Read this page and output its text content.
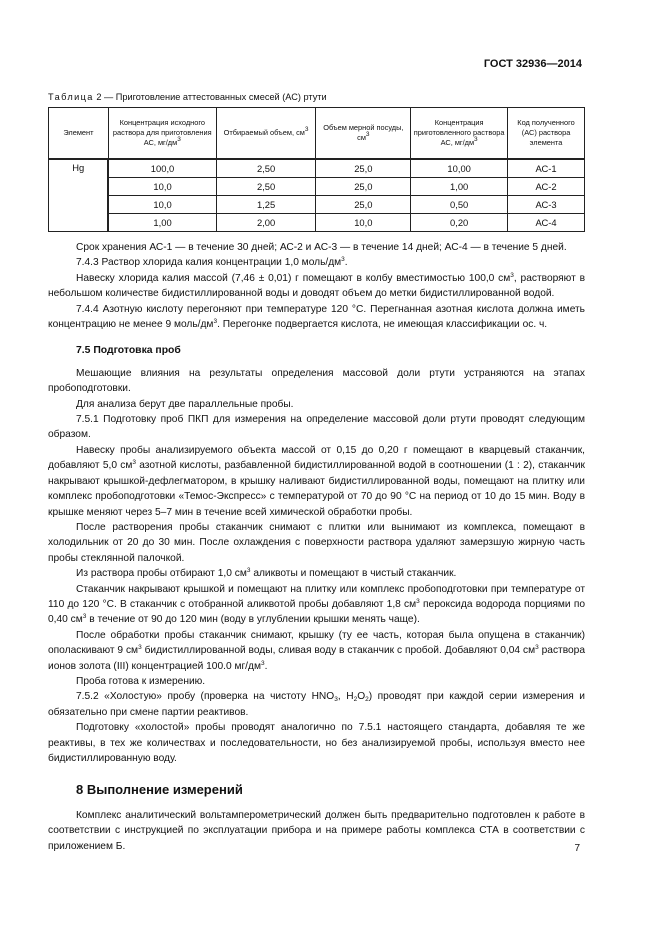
ГОСТ 32936—2014
Таблица 2 — Приготовление аттестованных смесей (АС) ртути
Элемент	Концентрация исходного раствора для приготовления АС, $мг/дм^3$	Отбираемый объем, $см^3$	Объем мерной посуды, $см^3$	Концентрация приготовленного раствора АС, $мг/дм^3$	Код полученного (АС) раствора элемента
Hg	100,0	2,50	25,0	10,00	АС-1
	10,0	2,50	25,0	1,00	АС-2
	10,0	1,25	25,0	0,50	АС-3
	1,00	2,00	10,0	0,20	АС-4

Срок хранения АС-1 — в течение 30 дней; АС-2 и АС-3 — в течение 14 дней; АС-4 — в течение 5 дней.

7.4.3 Раствор хлорида калия концентрации 1,0 моль/$дм^3$.

Навеску хлорида калия массой (7,46 ± 0,01) г помещают в колбу вместимостью 100,0 $см^3$, растворяют в небольшом количестве бидистиллированной воды и доводят объем до метки бидистиллированной водой.

7.4.4 Азотную кислоту перегоняют при температуре 120 °С. Перегнанная азотная кислота должна иметь концентрацию не менее 9 моль/$дм^3$. Перегонке подвергается кислота, не имеющая классификации ос. ч.

7.5 Подготовка проб

Мешающие влияния на результаты определения массовой доли ртути устраняются на этапах пробоподготовки.

Для анализа берут две параллельные пробы.

7.5.1 Подготовку проб ПКП для измерения на определение массовой доли ртути проводят следующим образом.

Навеску пробы анализируемого объекта массой от 0,15 до 0,20 г помещают в кварцевый стаканчик, добавляют 5,0 $см^3$ азотной кислоты, разбавленной бидистиллированной водой в соотношении (1 : 2), стаканчик накрывают крышкой-дефлегматором, в крышку наливают бидистиллированной воды, помещают на плитку или комплекс пробоподготовки «Темос-Экспресс» с температурой от 70 до 90 °С на период от 10 до 15 мин. Воду в крышке меняют через 5–7 мин в течение всей химической обработки пробы.

После растворения пробы стаканчик снимают с плитки или вынимают из комплекса, помещают в холодильник от 20 до 30 мин. После охлаждения с поверхности раствора удаляют замерзшую жирную часть пробы стеклянной палочкой.

Из раствора пробы отбирают 1,0 $см^3$ аликвоты и помещают в чистый стаканчик.

Стаканчик накрывают крышкой и помещают на плитку или комплекс пробоподготовки при температуре от 110 до 120 °С. В стаканчик с отобранной аликвотой пробы добавляют 1,8 $см^3$ пероксида водорода порциями по 0,40 $см^3$ в течение от 90 до 120 мин (воду в углублении крышки менять чаще).

После обработки пробы стаканчик снимают, крышку (ту ее часть, которая была опущена в стаканчик) ополаскивают 9 $см^3$ бидистиллированной воды, сливая воду в стаканчик с пробой. Добавляют 0,04 $см^3$ раствора ионов золота (III) концентрацией 100.0 $мг/дм^3$.

Проба готова к измерению.

7.5.2 «Холостую» пробу (проверка на чистоту $HNO_3$, $H_2O_2$) проводят при каждой серии измерения и обязательно при смене партии реактивов.

Подготовку «холостой» пробы проводят аналогично по 7.5.1 настоящего стандарта, добавляя те же реактивы, в тех же количествах и последовательности, но без анализируемой пробы, используя вместо нее бидистиллированную воду.

8 Выполнение измерений

Комплекс аналитический вольтамперометрический должен быть предварительно подготовлен к работе в соответствии с инструкцией по эксплуатации прибора и на примере работы комплекса СТА в соответствии с приложением Б.	7
